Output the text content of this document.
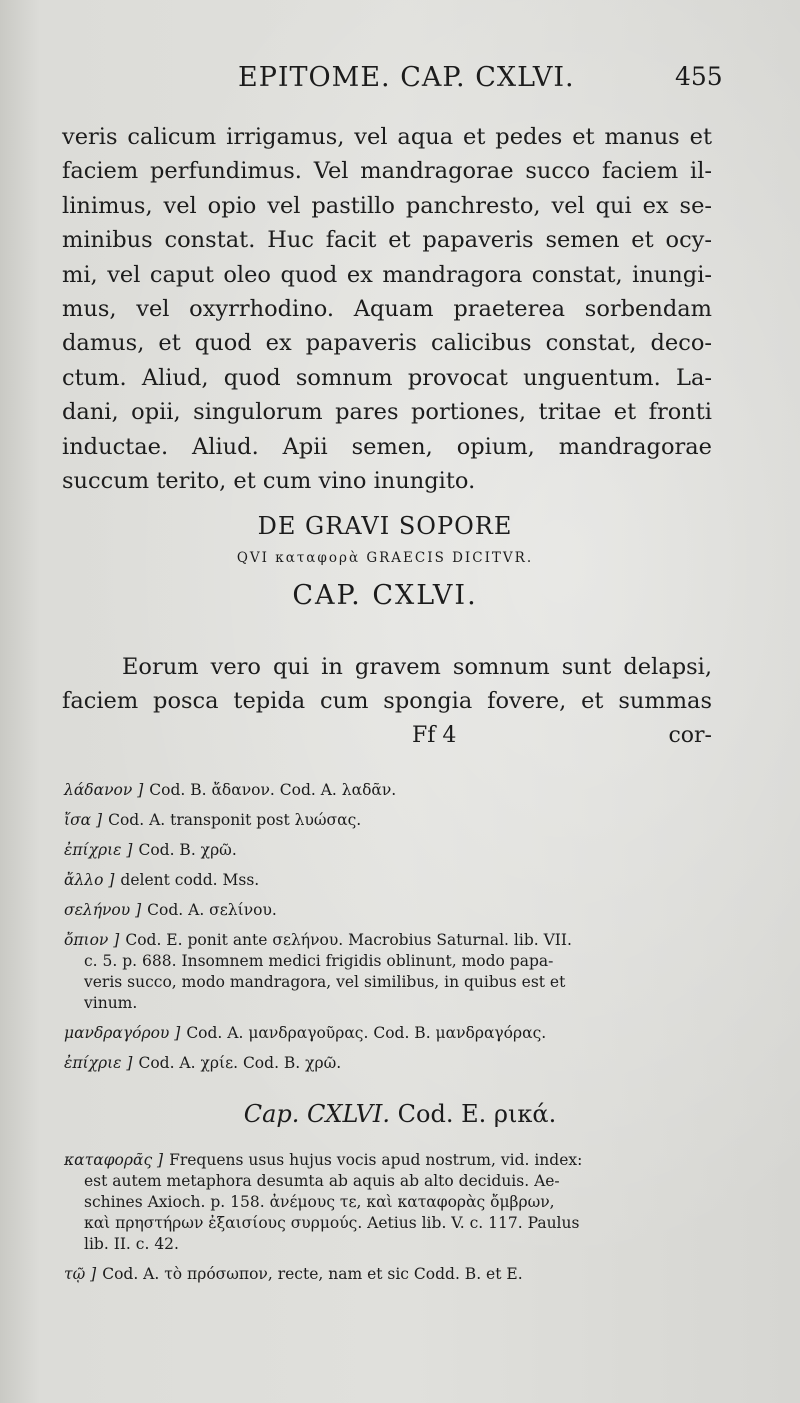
EPITOME. CAP. CXLVI.	455
veris calicum irrigamus, vel aqua et pedes et manus et
faciem perfundimus. Vel mandragorae succo faciem il-
linimus, vel opio vel pastillo panchresto, vel qui ex se-
minibus constat. Huc facit et papaveris semen et ocy-
mi, vel caput oleo quod ex mandragora constat, inungi-
mus, vel oxyrrhodino. Aquam praeterea sorbendam
damus, et quod ex papaveris calicibus constat, deco-
ctum. Aliud, quod somnum provocat unguentum. La-
dani, opii, singulorum pares portiones, tritae et fronti
inductae. Aliud. Apii semen, opium, mandragorae
succum terito, et cum vino inungito.
DE GRAVI SOPORE
QVI καταφορὰ GRAECIS DICITVR.
CAP. CXLVI.
Eorum vero qui in gravem somnum sunt delapsi,
faciem posca tepida cum spongia fovere, et summas
Ff 4	cor-
λάδανον ] Cod. B. ἄδανον. Cod. A. λαδᾶν.
ἴσα ] Cod. A. transponit post λυώσας.
ἐπίχριε ] Cod. B. χρῶ.
ἄλλο ] delent codd. Mss.
σελήνου ] Cod. A. σελίνου.
ὄπιον ] Cod. E. ponit ante σελήνου. Macrobius Saturnal. lib. VII.
c. 5. p. 688. Insomnem medici frigidis oblinunt, modo papa-
veris succo, modo mandragora, vel similibus, in quibus est et
vinum.
μανδραγόρου ] Cod. A. μανδραγοῦρας. Cod. B. μανδραγόρας.
ἐπίχριε ] Cod. A. χρίε. Cod. B. χρῶ.
Cap. CXLVI. Cod. E. ρικά.
καταφορᾶς ] Frequens usus hujus vocis apud nostrum, vid. index:
est autem metaphora desumta ab aquis ab alto deciduis. Ae-
schines Axioch. p. 158. ἀνέμους τε, καὶ καταφορὰς ὄμβρων,
καὶ πρηστήρων ἐξαισίους συρμούς. Aetius lib. V. c. 117. Paulus
lib. II. c. 42.
τῷ ] Cod. A. τὸ πρόσωπον, recte, nam et sic Codd. B. et E.
